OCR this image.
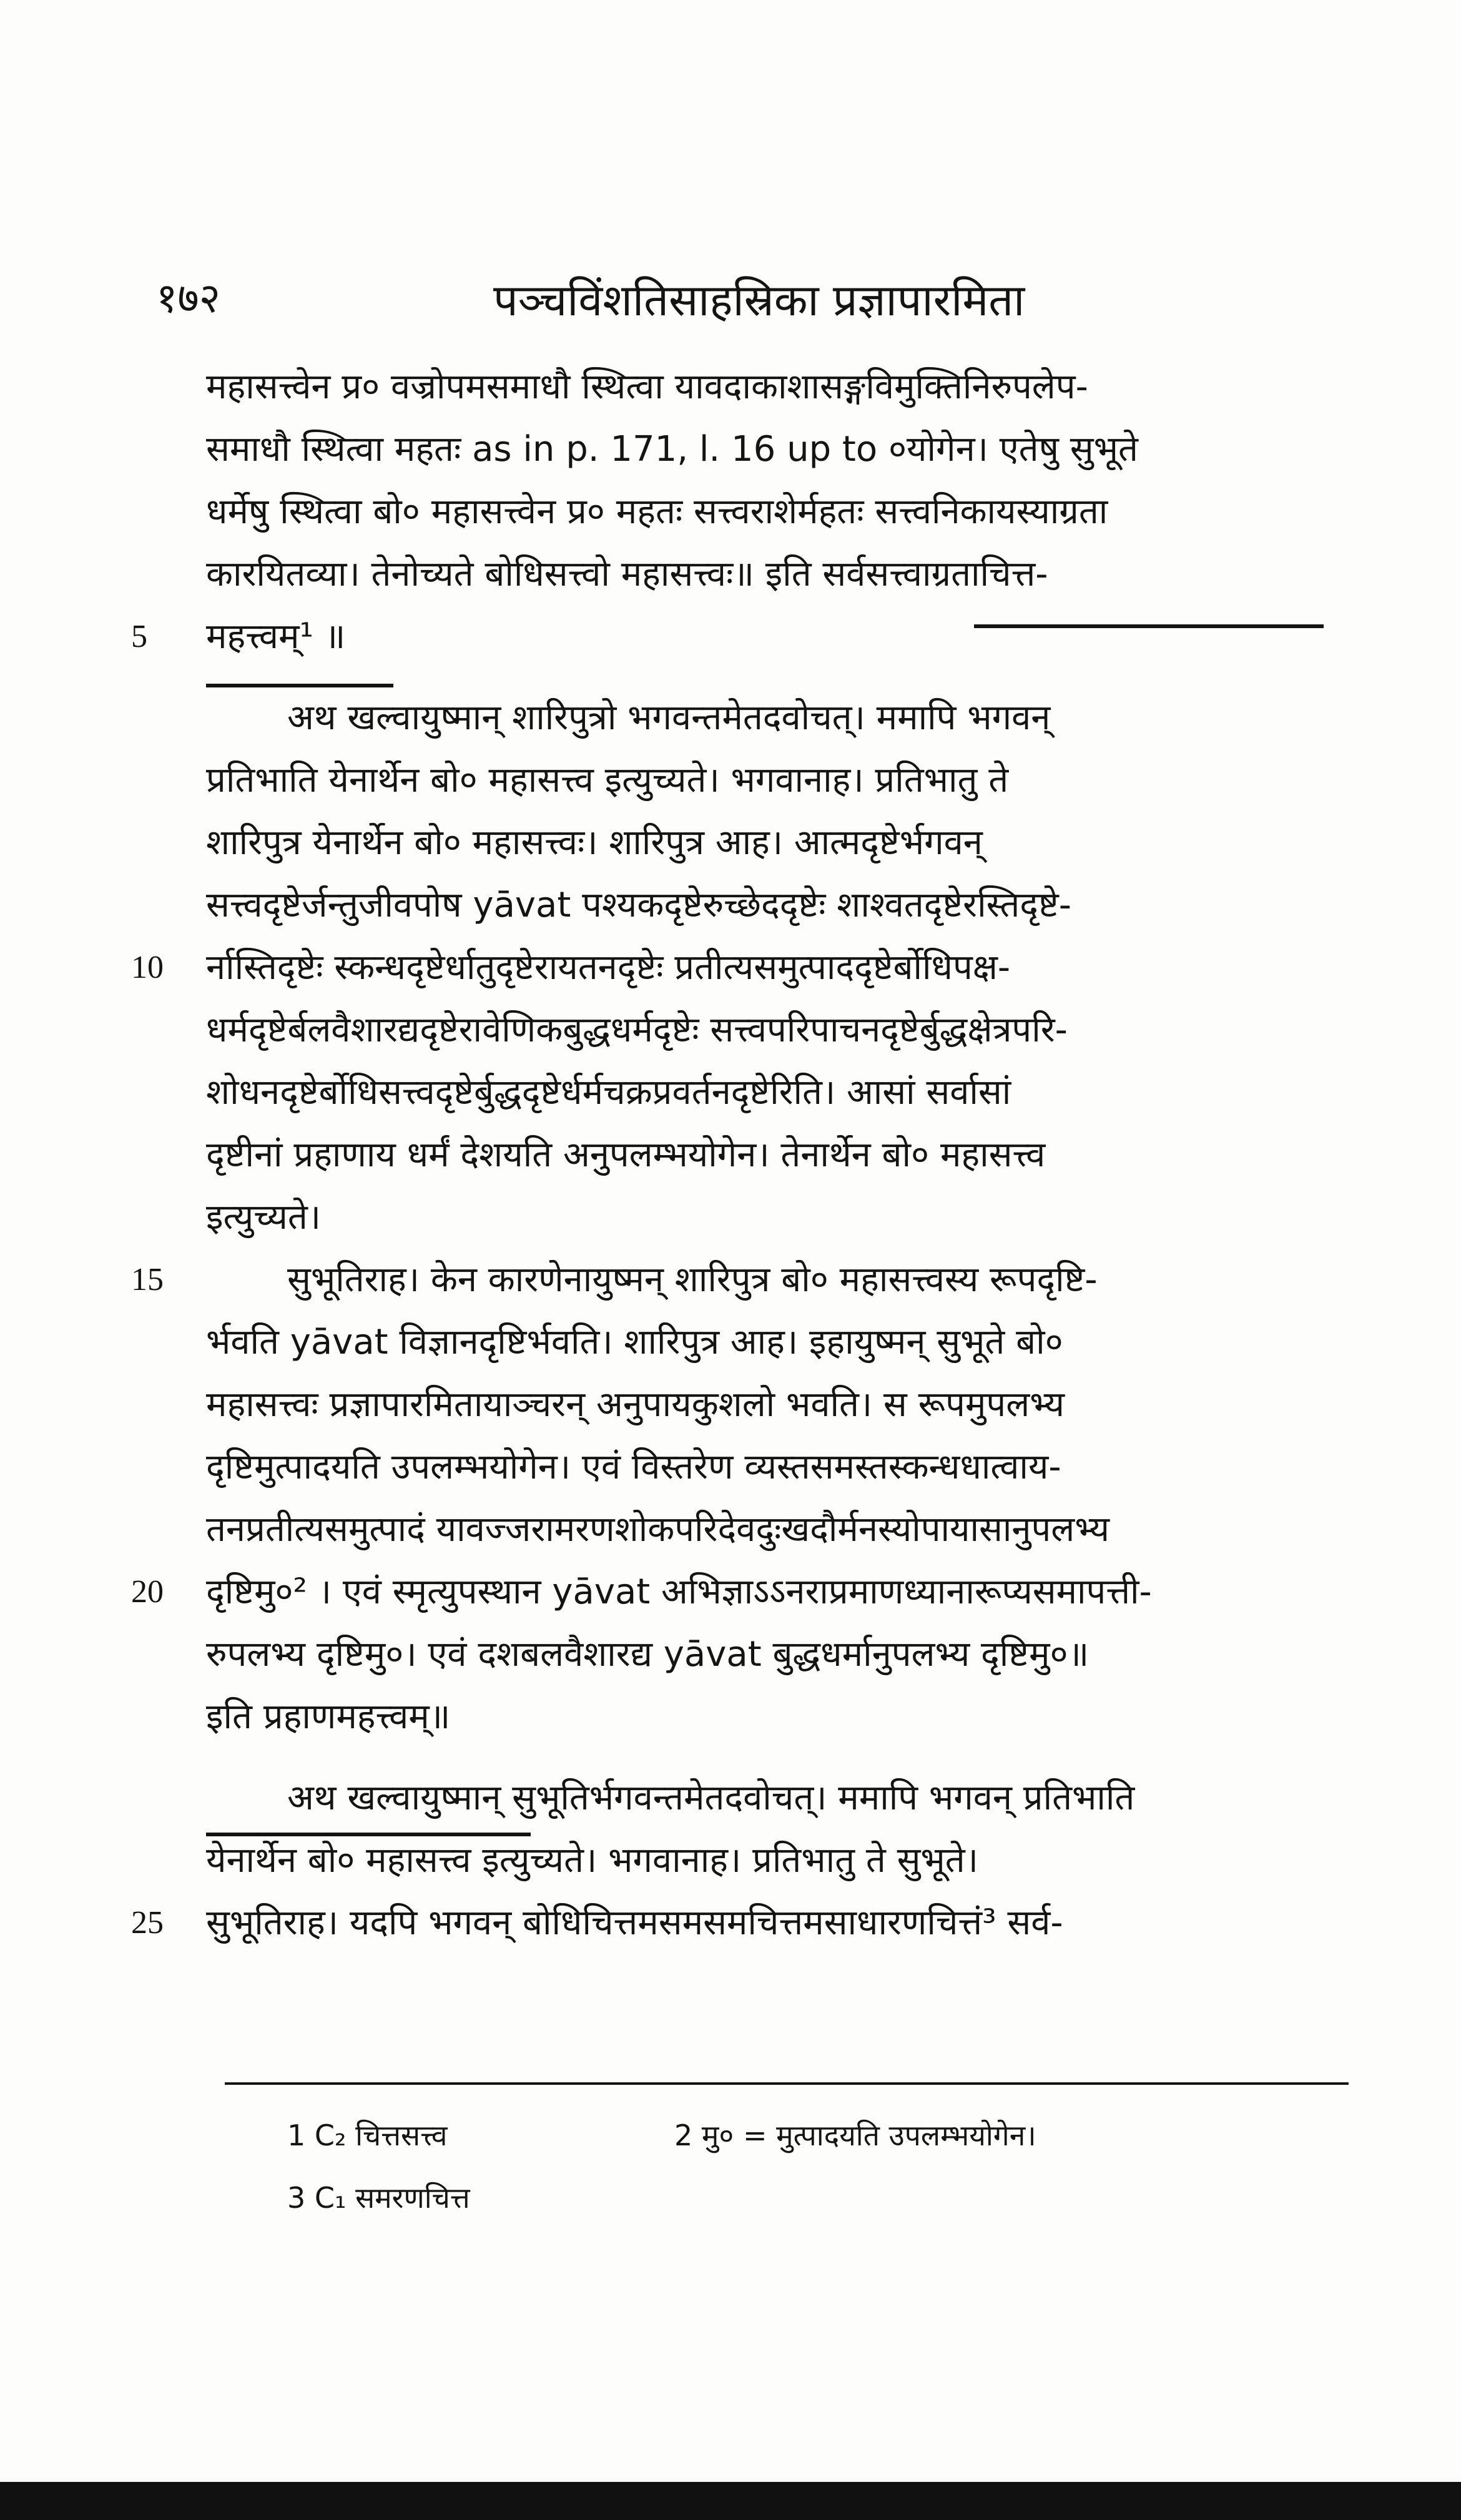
१७२	पञ्चविंशतिसाहस्रिका प्रज्ञापारमिता
महासत्त्वेन प्र० वज्रोपमसमाधौ स्थित्वा यावदाकाशासङ्गविमुक्तिनिरुपलेप-
समाधौ स्थित्वा महतः as in p. 171, l. 16 up to ०योगेन। एतेषु सुभूते
धर्मेषु स्थित्वा बो० महासत्त्वेन प्र० महतः सत्त्वराशेर्महतः सत्त्वनिकायस्याग्रता
कारयितव्या। तेनोच्यते बोधिसत्त्वो महासत्त्वः॥ इति सर्वसत्त्वाग्रताचित्त-
5 महत्त्वम्¹ ॥
अथ खल्वायुष्मान् शारिपुत्रो भगवन्तमेतदवोचत्। ममापि भगवन्
प्रतिभाति येनार्थेन बो० महासत्त्व इत्युच्यते। भगवानाह। प्रतिभातु ते
शारिपुत्र येनार्थेन बो० महासत्त्वः। शारिपुत्र आह। आत्मदृष्टेर्भगवन्
सत्त्वदृष्टेर्जन्तुजीवपोष yāvat पश्यकदृष्टेरुच्छेददृष्टेः शाश्वतदृष्टेरस्तिदृष्टे-
10 र्नास्तिदृष्टेः स्कन्धदृष्टेर्धातुदृष्टेरायतनदृष्टेः प्रतीत्यसमुत्पाददृष्टेर्बोधिपक्ष-
धर्मदृष्टेर्बलवैशारद्यदृष्टेरावेणिकबुद्धधर्मदृष्टेः सत्त्वपरिपाचनदृष्टेर्बुद्धक्षेत्रपरि-
शोधनदृष्टेर्बोधिसत्त्वदृष्टेर्बुद्धदृष्टेर्धर्मचक्रप्रवर्तनदृष्टेरिति। आसां सर्वासां
दृष्टीनां प्रहाणाय धर्मं देशयति अनुपलम्भयोगेन। तेनार्थेन बो० महासत्त्व
इत्युच्यते।
15	सुभूतिराह। केन कारणेनायुष्मन् शारिपुत्र बो० महासत्त्वस्य रूपदृष्टि-
र्भवति yāvat विज्ञानदृष्टिर्भवति। शारिपुत्र आह। इहायुष्मन् सुभूते बो०
महासत्त्वः प्रज्ञापारमितायाञ्चरन् अनुपायकुशलो भवति। स रूपमुपलभ्य
दृष्टिमुत्पादयति उपलम्भयोगेन। एवं विस्तरेण व्यस्तसमस्तस्कन्धधात्वाय-
तनप्रतीत्यसमुत्पादं यावज्जरामरणशोकपरिदेवदुःखदौर्मनस्योपायासानुपलभ्य
20 दृष्टिमु०² । एवं स्मृत्युपस्थान yāvat अभिज्ञाऽऽनराप्रमाणध्यानारूप्यसमापत्ती-
रुपलभ्य दृष्टिमु०। एवं दशबलवैशारद्य yāvat बुद्धधर्मानुपलभ्य दृष्टिमु०॥
इति प्रहाणमहत्त्वम्॥
अथ खल्वायुष्मान् सुभूतिर्भगवन्तमेतदवोचत्। ममापि भगवन् प्रतिभाति
येनार्थेन बो० महासत्त्व इत्युच्यते। भगवानाह। प्रतिभातु ते सुभूते।
25 सुभूतिराह। यदपि भगवन् बोधिचित्तमसमसमचित्तमसाधारणचित्तं³ सर्व-
1 C₂ चित्तसत्त्व	2 मु० = मुत्पादयति उपलम्भयोगेन।
3 C₁ समरणचित्त
